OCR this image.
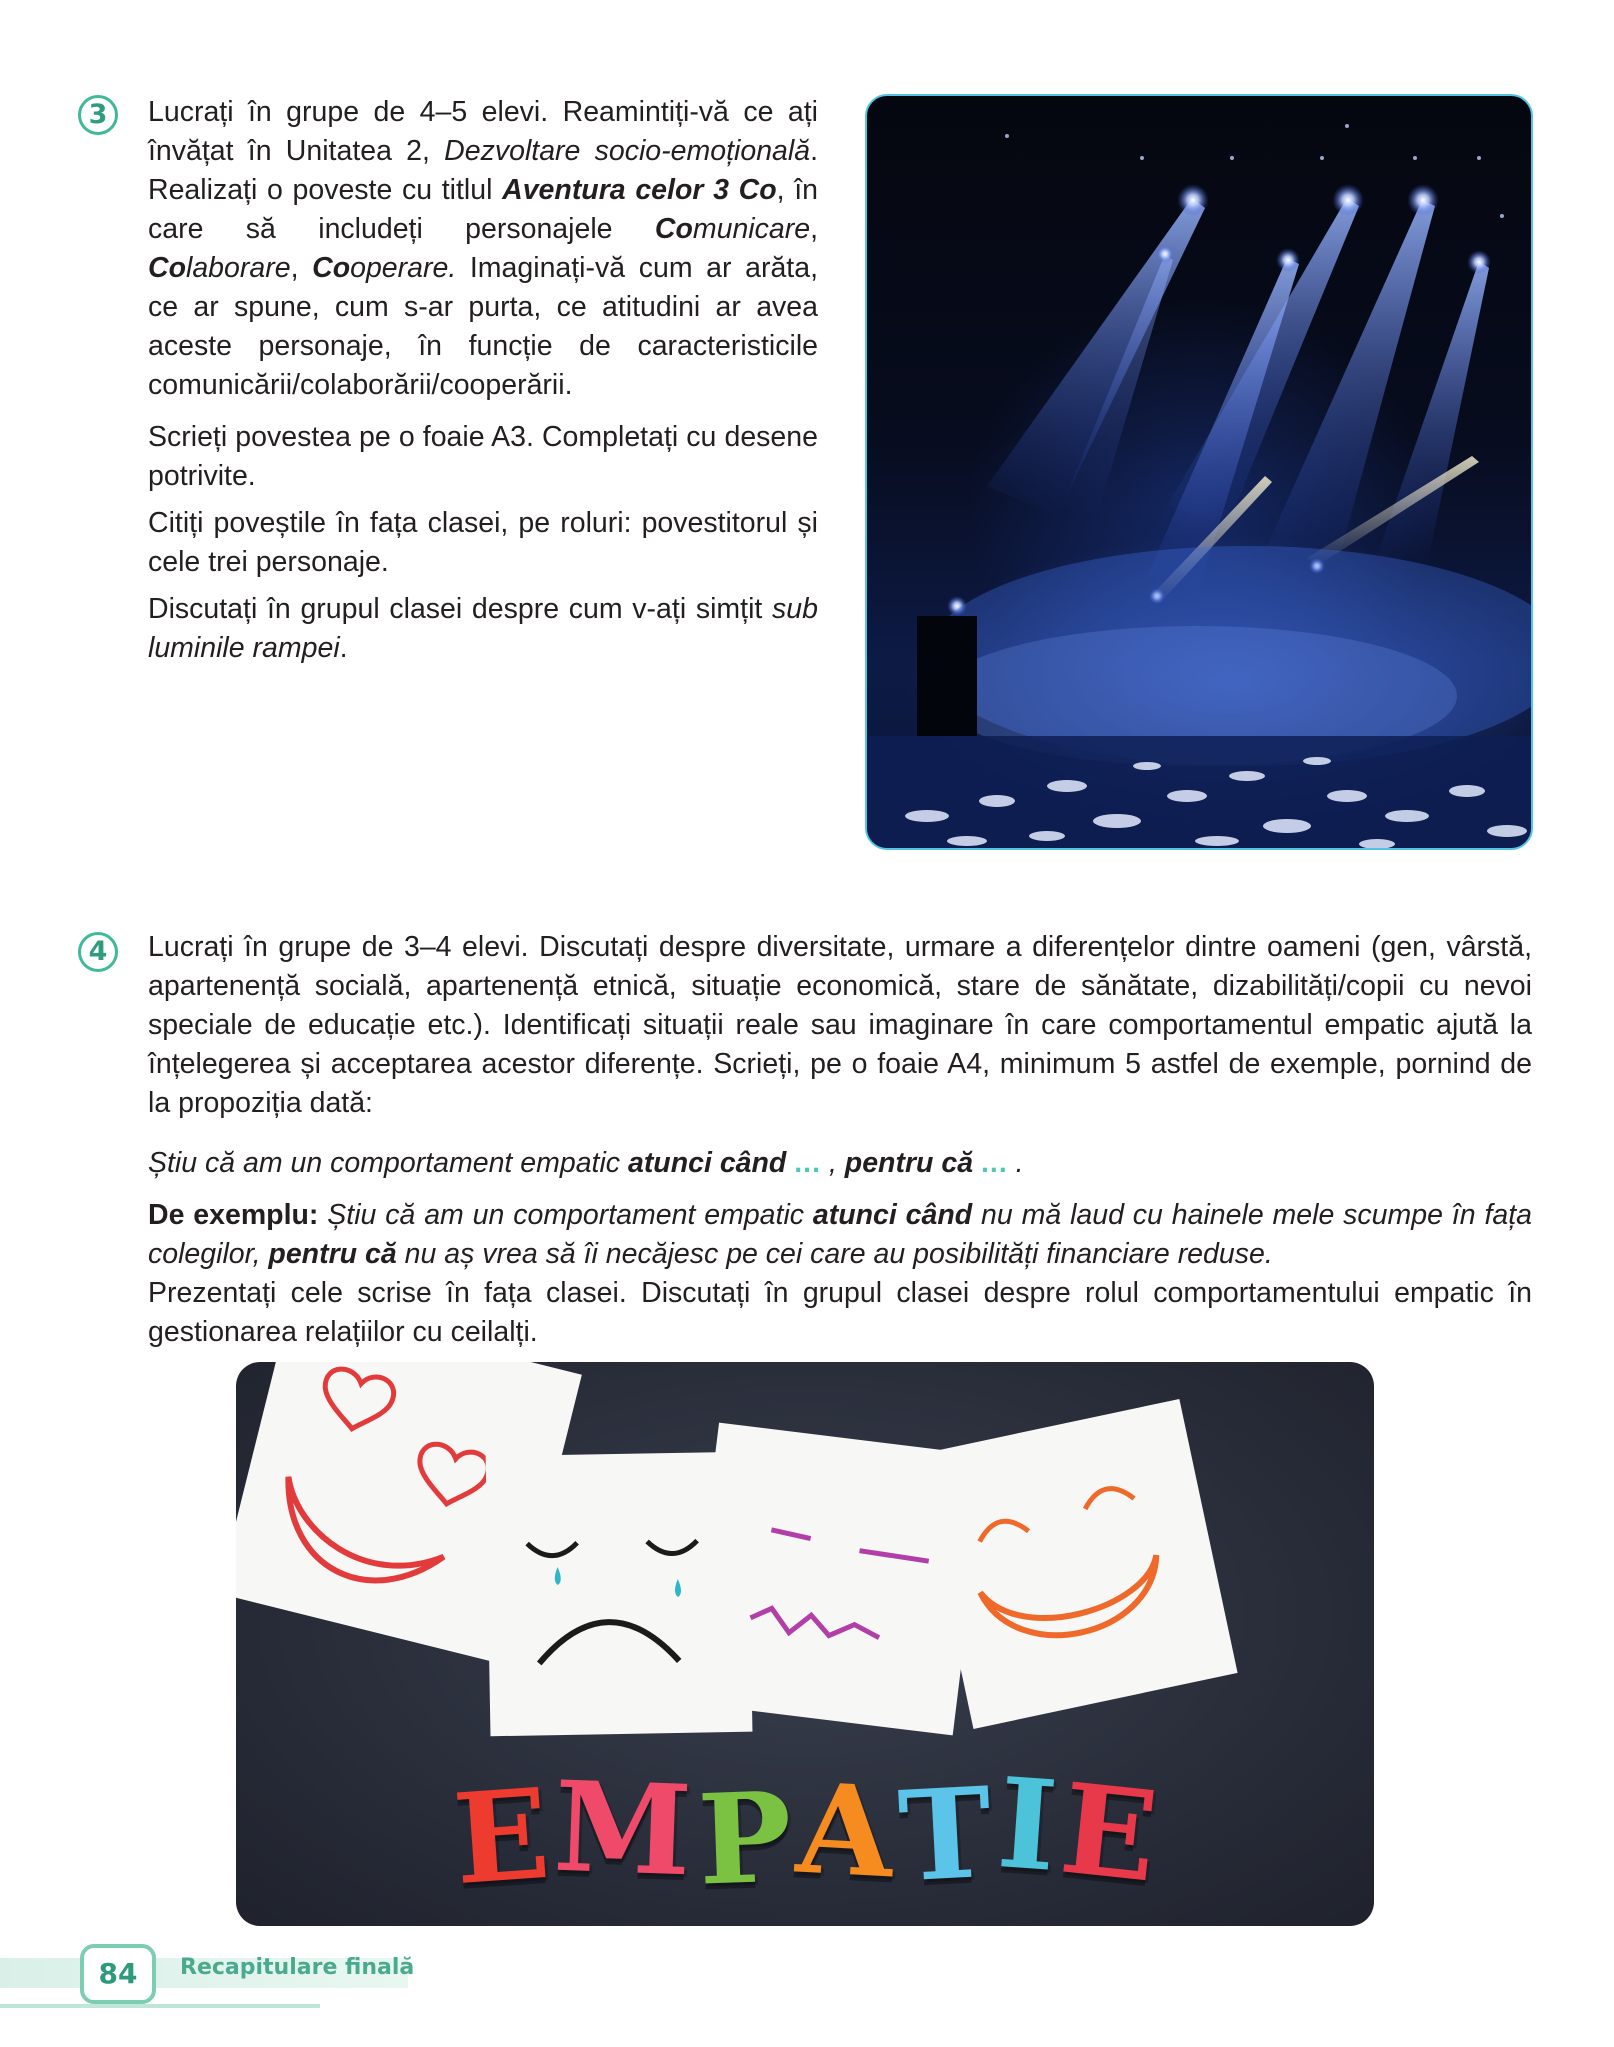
3	Lucrați în grupe de 4–5 elevi. Reamintiți-vă ce ați învățat în Unitatea 2, Dezvoltare socio-emoțională. Realizați o poveste cu titlul Aventura celor 3 Co, în care să includeți personajele Comunicare, Colaborare, Cooperare. Imaginați-vă cum ar arăta, ce ar spune, cum s-ar purta, ce atitudini ar avea aceste personaje, în funcție de caracteristicile comunicării/colaborării/cooperării.

Scrieți povestea pe o foaie A3. Completați cu desene potrivite.

Citiți poveștile în fața clasei, pe roluri: povestitorul și cele trei personaje.

Discutați în grupul clasei despre cum v-ați simțit sub luminile rampei.

4	Lucrați în grupe de 3–4 elevi. Discutați despre diversitate, urmare a diferențelor dintre oameni (gen, vârstă, apartenență socială, apartenență etnică, situație economică, stare de sănătate, dizabilități/copii cu nevoi speciale de educație etc.). Identificați situații reale sau imaginare în care comportamentul empatic ajută la înțelegerea și acceptarea acestor diferențe. Scrieți, pe o foaie A4, minimum 5 astfel de exemple, pornind de la propoziția dată:

Știu că am un comportament empatic atunci când ... , pentru că ... .

De exemplu: Știu că am un comportament empatic atunci când nu mă laud cu hainele mele scumpe în fața colegilor, pentru că nu aș vrea să îi necăjesc pe cei care au posibilități financiare reduse.

Prezentați cele scrise în fața clasei. Discutați în grupul clasei despre rolul comportamentului empatic în gestionarea relațiilor cu ceilalți.

E
M P A
T
I
E
84	Recapitulare finală
